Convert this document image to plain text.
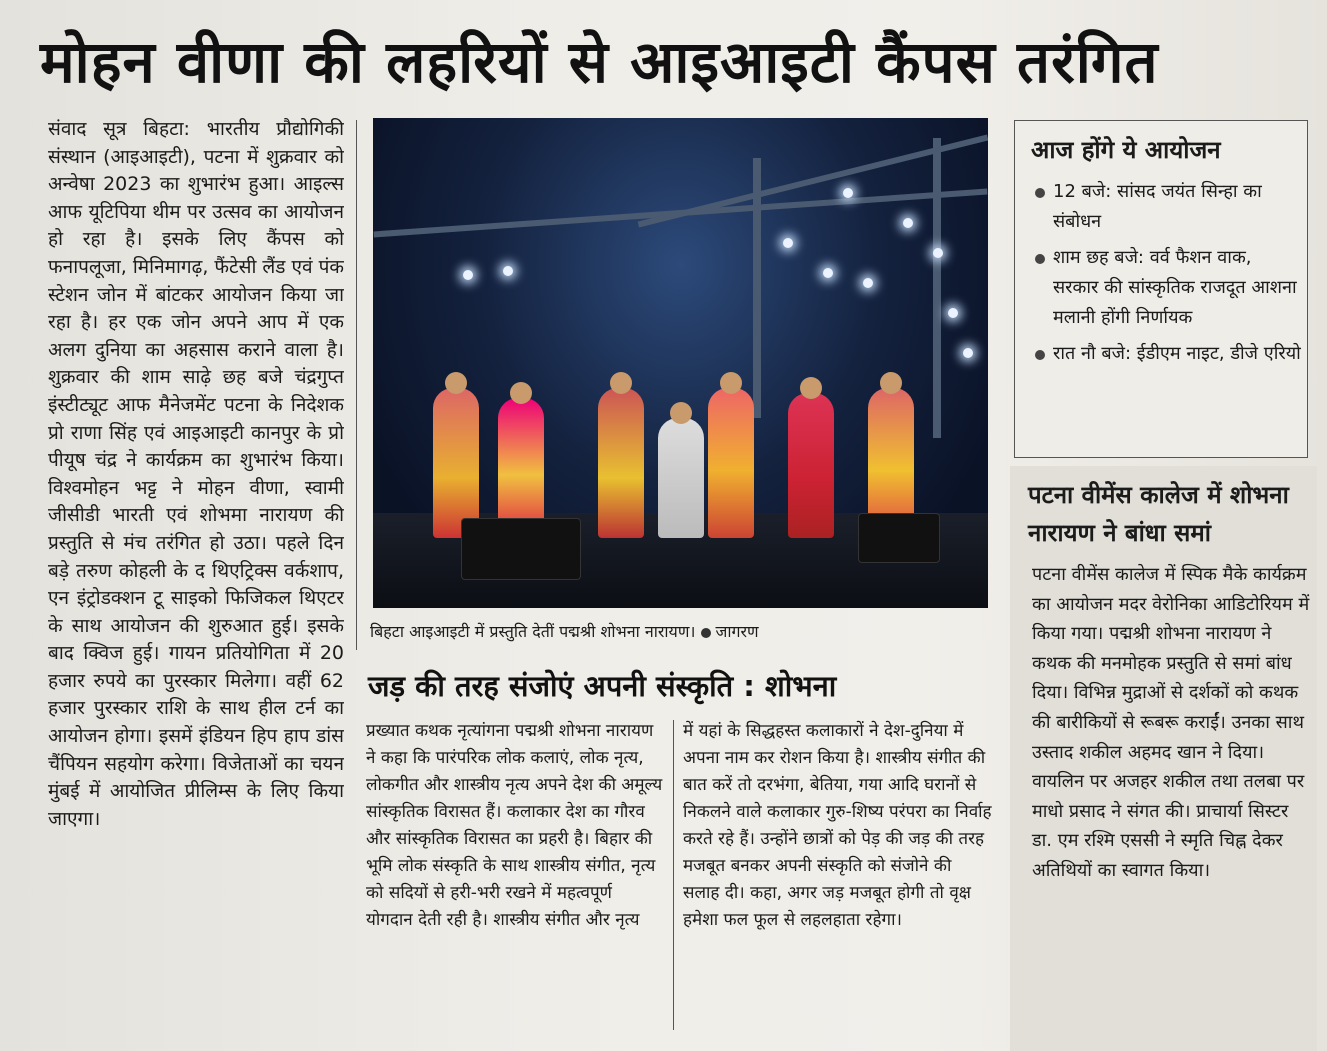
मोहन वीणा की लहरियों से आइआइटी कैंपस तरंगित
संवाद सूत्र बिहटा: भारतीय प्रौद्योगिकी संस्थान (आइआइटी), पटना में शुक्रवार को अन्वेषा 2023 का शुभारंभ हुआ। आइल्स आफ यूटिपिया थीम पर उत्सव का आयोजन हो रहा है। इसके लिए कैंपस को फनापलूजा, मिनिमागढ़, फैंटेसी लैंड एवं पंक स्टेशन जोन में बांटकर आयोजन किया जा रहा है। हर एक जोन अपने आप में एक अलग दुनिया का अहसास कराने वाला है। शुक्रवार की शाम साढ़े छह बजे चंद्रगुप्त इंस्टीट्यूट आफ मैनेजमेंट पटना के निदेशक प्रो राणा सिंह एवं आइआइटी कानपुर के प्रो पीयूष चंद्र ने कार्यक्रम का शुभारंभ किया। विश्वमोहन भट्ट ने मोहन वीणा, स्वामी जीसीडी भारती एवं शोभमा नारायण की प्रस्तुति से मंच तरंगित हो उठा। पहले दिन बड़े तरुण कोहली के द थिएट्रिक्स वर्कशाप, एन इंट्रोडक्शन टू साइको फिजिकल थिएटर के साथ आयोजन की शुरुआत हुई। इसके बाद क्विज हुई। गायन प्रतियोगिता में 20 हजार रुपये का पुरस्कार मिलेगा। वहीं 62 हजार पुरस्कार राशि के साथ हील टर्न का आयोजन होगा। इसमें इंडियन हिप हाप डांस चैंपियन सहयोग करेगा। विजेताओं का चयन मुंबई में आयोजित प्रीलिम्स के लिए किया जाएगा।
बिहटा आइआइटी में प्रस्तुति देतीं पद्मश्री शोभना नारायण। जागरण
जड़ की तरह संजोएं अपनी संस्कृति : शोभना
प्रख्यात कथक नृत्यांगना पद्मश्री शोभना नारायण ने कहा कि पारंपरिक लोक कलाएं, लोक नृत्य, लोकगीत और शास्त्रीय नृत्य अपने देश की अमूल्य सांस्कृतिक विरासत हैं। कलाकार देश का गौरव और सांस्कृतिक विरासत का प्रहरी है। बिहार की भूमि लोक संस्कृति के साथ शास्त्रीय संगीत, नृत्य को सदियों से हरी-भरी रखने में महत्वपूर्ण योगदान देती रही है। शास्त्रीय संगीत और नृत्य
में यहां के सिद्धहस्त कलाकारों ने देश-दुनिया में अपना नाम कर रोशन किया है। शास्त्रीय संगीत की बात करें तो दरभंगा, बेतिया, गया आदि घरानों से निकलने वाले कलाकार गुरु-शिष्य परंपरा का निर्वाह करते रहे हैं। उन्होंने छात्रों को पेड़ की जड़ की तरह मजबूत बनकर अपनी संस्कृति को संजोने की सलाह दी। कहा, अगर जड़ मजबूत होगी तो वृक्ष हमेशा फल फूल से लहलहाता रहेगा।
आज होंगे ये आयोजन
12 बजे: सांसद जयंत सिन्हा का संबोधन
शाम छह बजे: वर्व फैशन वाक, सरकार की सांस्कृतिक राजदूत आशना मलानी होंगी निर्णायक
रात नौ बजे: ईडीएम नाइट, डीजे एरियो
पटना वीमेंस कालेज में शोभना नारायण ने बांधा समां
पटना वीमेंस कालेज में स्पिक मैके कार्यक्रम का आयोजन मदर वेरोनिका आडिटोरियम में किया गया। पद्मश्री शोभना नारायण ने कथक की मनमोहक प्रस्तुति से समां बांध दिया। विभिन्न मुद्राओं से दर्शकों को कथक की बारीकियों से रूबरू कराईं। उनका साथ उस्ताद शकील अहमद खान ने दिया। वायलिन पर अजहर शकील तथा तलबा पर माधो प्रसाद ने संगत की। प्राचार्या सिस्टर डा. एम रश्मि एससी ने स्मृति चिह्न देकर अतिथियों का स्वागत किया।
